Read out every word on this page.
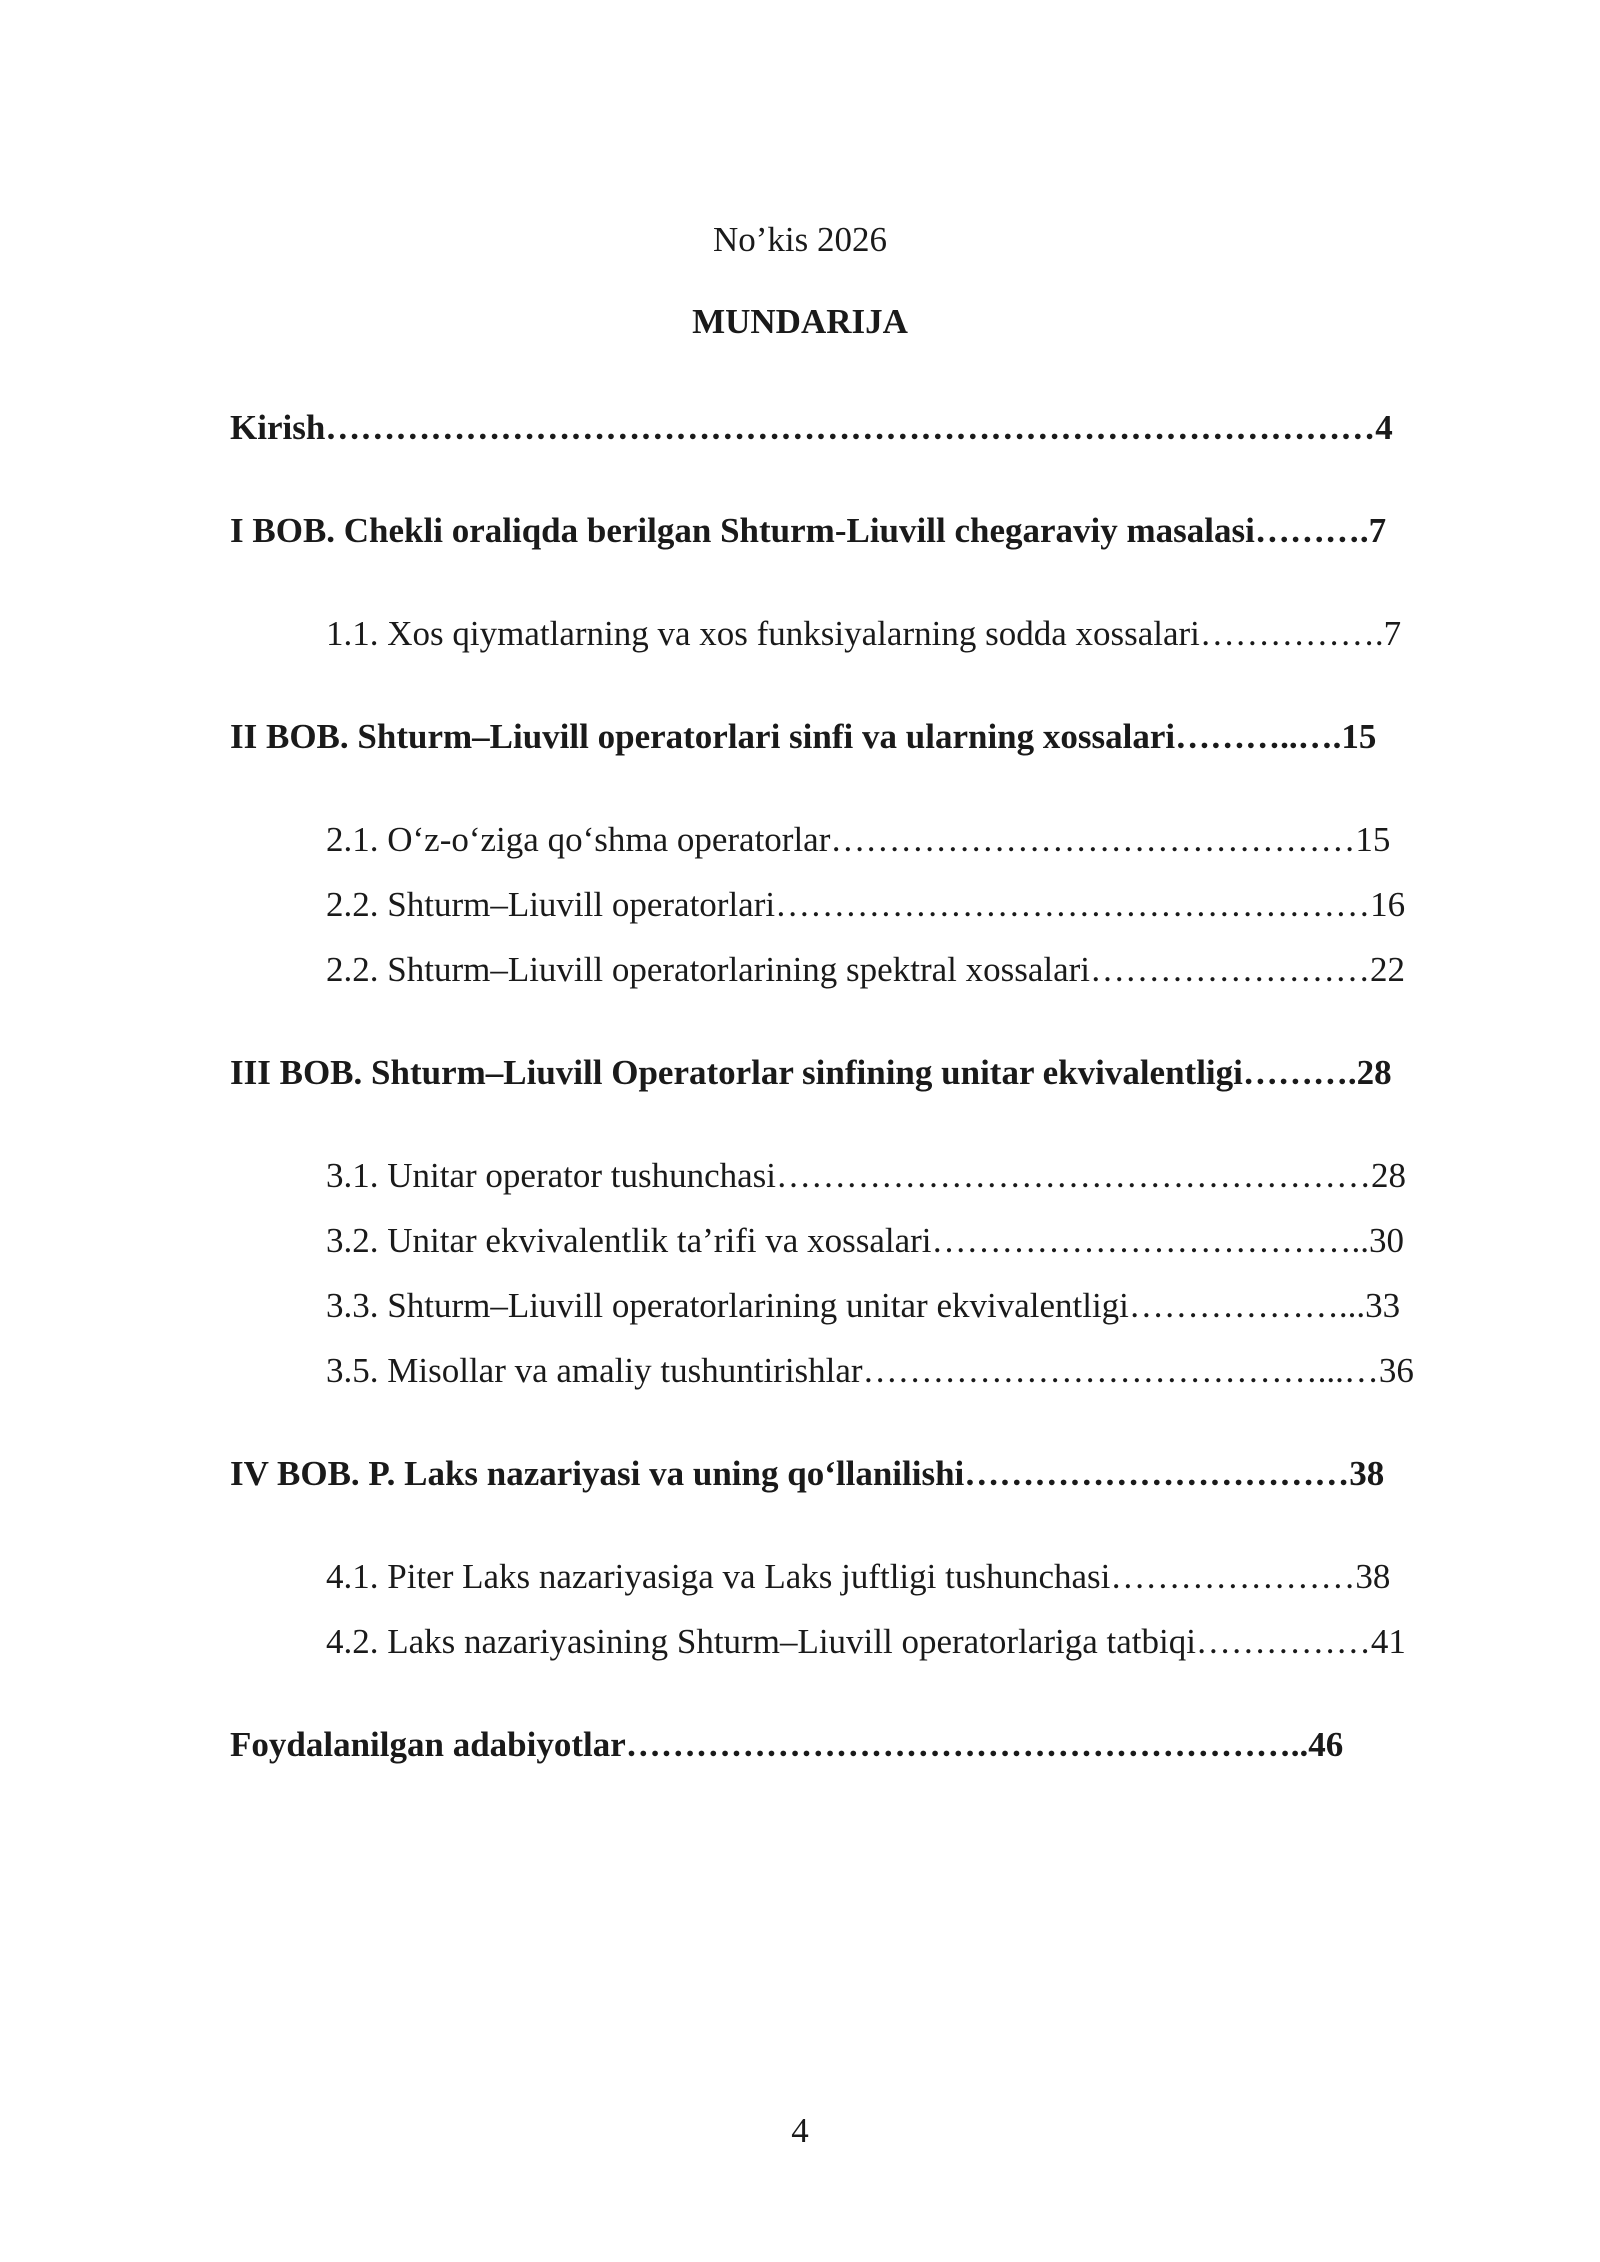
No’kis 2026
MUNDARIJA
Kirish………………………………………………………………………………4
I BOB. Chekli oraliqda berilgan Shturm-Liuvill chegaraviy masalasi……….7
1.1. Xos qiymatlarning va xos funksiyalarning sodda xossalari…………….7
II BOB. Shturm–Liuvill operatorlari sinfi va ularning xossalari………..….15
2.1. O‘z-o‘ziga qo‘shma operatorlar………………………………………15
2.2. Shturm–Liuvill operatorlari……………………………………………16
2.2. Shturm–Liuvill operatorlarining spektral xossalari……………………22
III BOB. Shturm–Liuvill Operatorlar sinfining unitar ekvivalentligi……….28
3.1. Unitar operator tushunchasi……………………………………………28
3.2. Unitar ekvivalentlik ta’rifi va xossalari………………………………..30
3.3. Shturm–Liuvill operatorlarining unitar ekvivalentligi………………...33
3.5. Misollar va amaliy tushuntirishlar…………………………………...…36
IV BOB. P. Laks nazariyasi va uning qo‘llanilishi……………………………38
4.1. Piter Laks nazariyasiga va Laks juftligi tushunchasi…………………38
4.2. Laks nazariyasining Shturm–Liuvill operatorlariga tatbiqi……………41
Foydalanilgan adabiyotlar…………………………………………………..46
4
